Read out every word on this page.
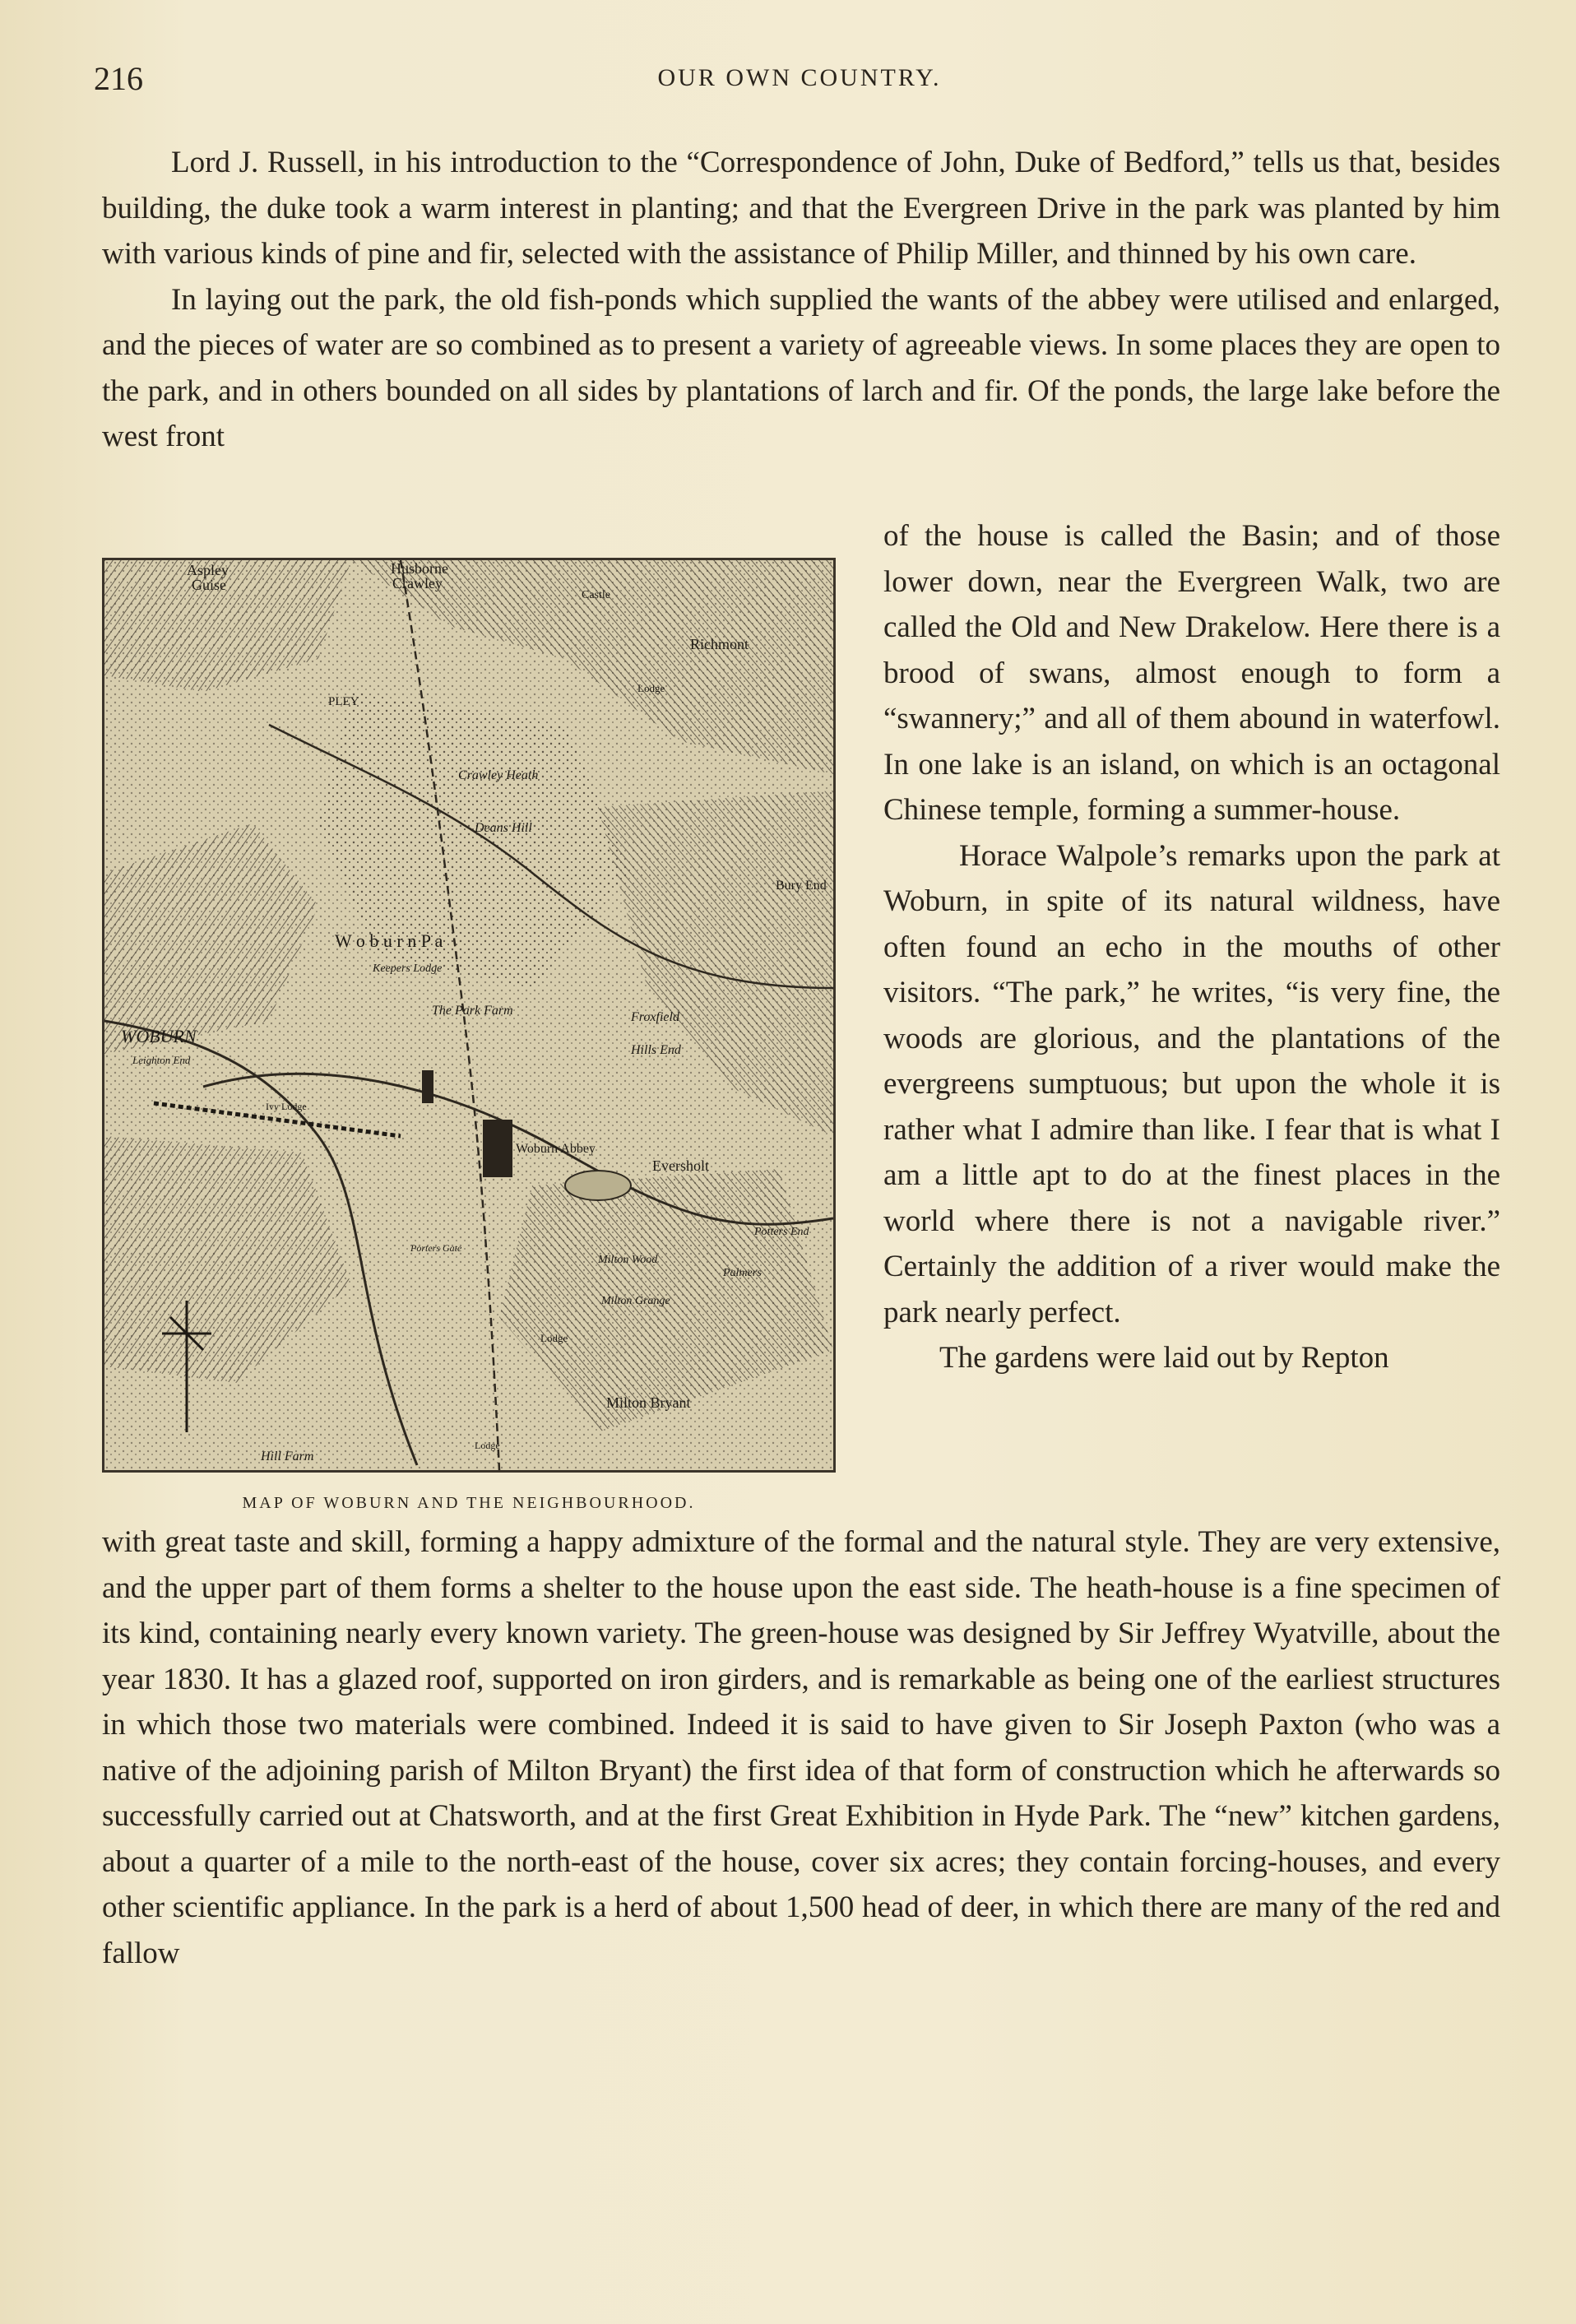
216	OUR OWN COUNTRY.

Lord J. Russell, in his introduction to the “Correspondence of John, Duke of Bedford,” tells us that, besides building, the duke took a warm interest in planting; and that the Evergreen Drive in the park was planted by him with various kinds of pine and fir, selected with the assistance of Philip Miller, and thinned by his own care.

In laying out the park, the old fish-ponds which supplied the wants of the abbey were utilised and enlarged, and the pieces of water are so combined as to present a variety of agreeable views. In some places they are open to the park, and in others bounded on all sides by plantations of larch and fir. Of the ponds, the large lake before the west front

of the house is called the Basin; and of those lower down, near the Evergreen Walk, two are called the Old and New Drakelow. Here there is a brood of swans, almost enough to form a “swannery;” and all of them abound in waterfowl. In one lake is an island, on which is an octagonal Chinese temple, forming a summer-house.

Horace Walpole’s remarks upon the park at Woburn, in spite of its natural wildness, have often found an echo in the mouths of other visitors. “The park,” he writes, “is very fine, the woods are glorious, and the plantations of the evergreens sumptuous; but upon the whole it is rather what I admire than like. I fear that is what I am a little apt to do at the finest places in the world where there is not a navigable river.” Certainly the addition of a river would make the park nearly perfect.

The gardens were laid out by Repton

Aspley
Guise
Husborne
Crawley
Castle
Richmont
Lodge
PLEY
Crawley Heath
Deans Hill
Bury End
W o b u r n P a
Keepers Lodge
The Park Farm	Froxfield
Hills End
WOBURN
Leighton End
Ivy Lodge
Woburn Abbey
Eversholt
Potters End
Milton Wood
Palmers
Milton Grange
Porters Gate
Lodge
Milton Bryant
Lodge
Hill Farm
MAP OF WOBURN AND THE NEIGHBOURHOOD.

with great taste and skill, forming a happy admixture of the formal and the natural style. They are very extensive, and the upper part of them forms a shelter to the house upon the east side. The heath-house is a fine specimen of its kind, containing nearly every known variety. The green-house was designed by Sir Jeffrey Wyatville, about the year 1830. It has a glazed roof, supported on iron girders, and is remarkable as being one of the earliest structures in which those two materials were combined. Indeed it is said to have given to Sir Joseph Paxton (who was a native of the adjoining parish of Milton Bryant) the first idea of that form of construction which he afterwards so successfully carried out at Chatsworth, and at the first Great Exhibition in Hyde Park. The “new” kitchen gardens, about a quarter of a mile to the north-east of the house, cover six acres; they contain forcing-houses, and every other scientific appliance. In the park is a herd of about 1,500 head of deer, in which there are many of the red and fallow
